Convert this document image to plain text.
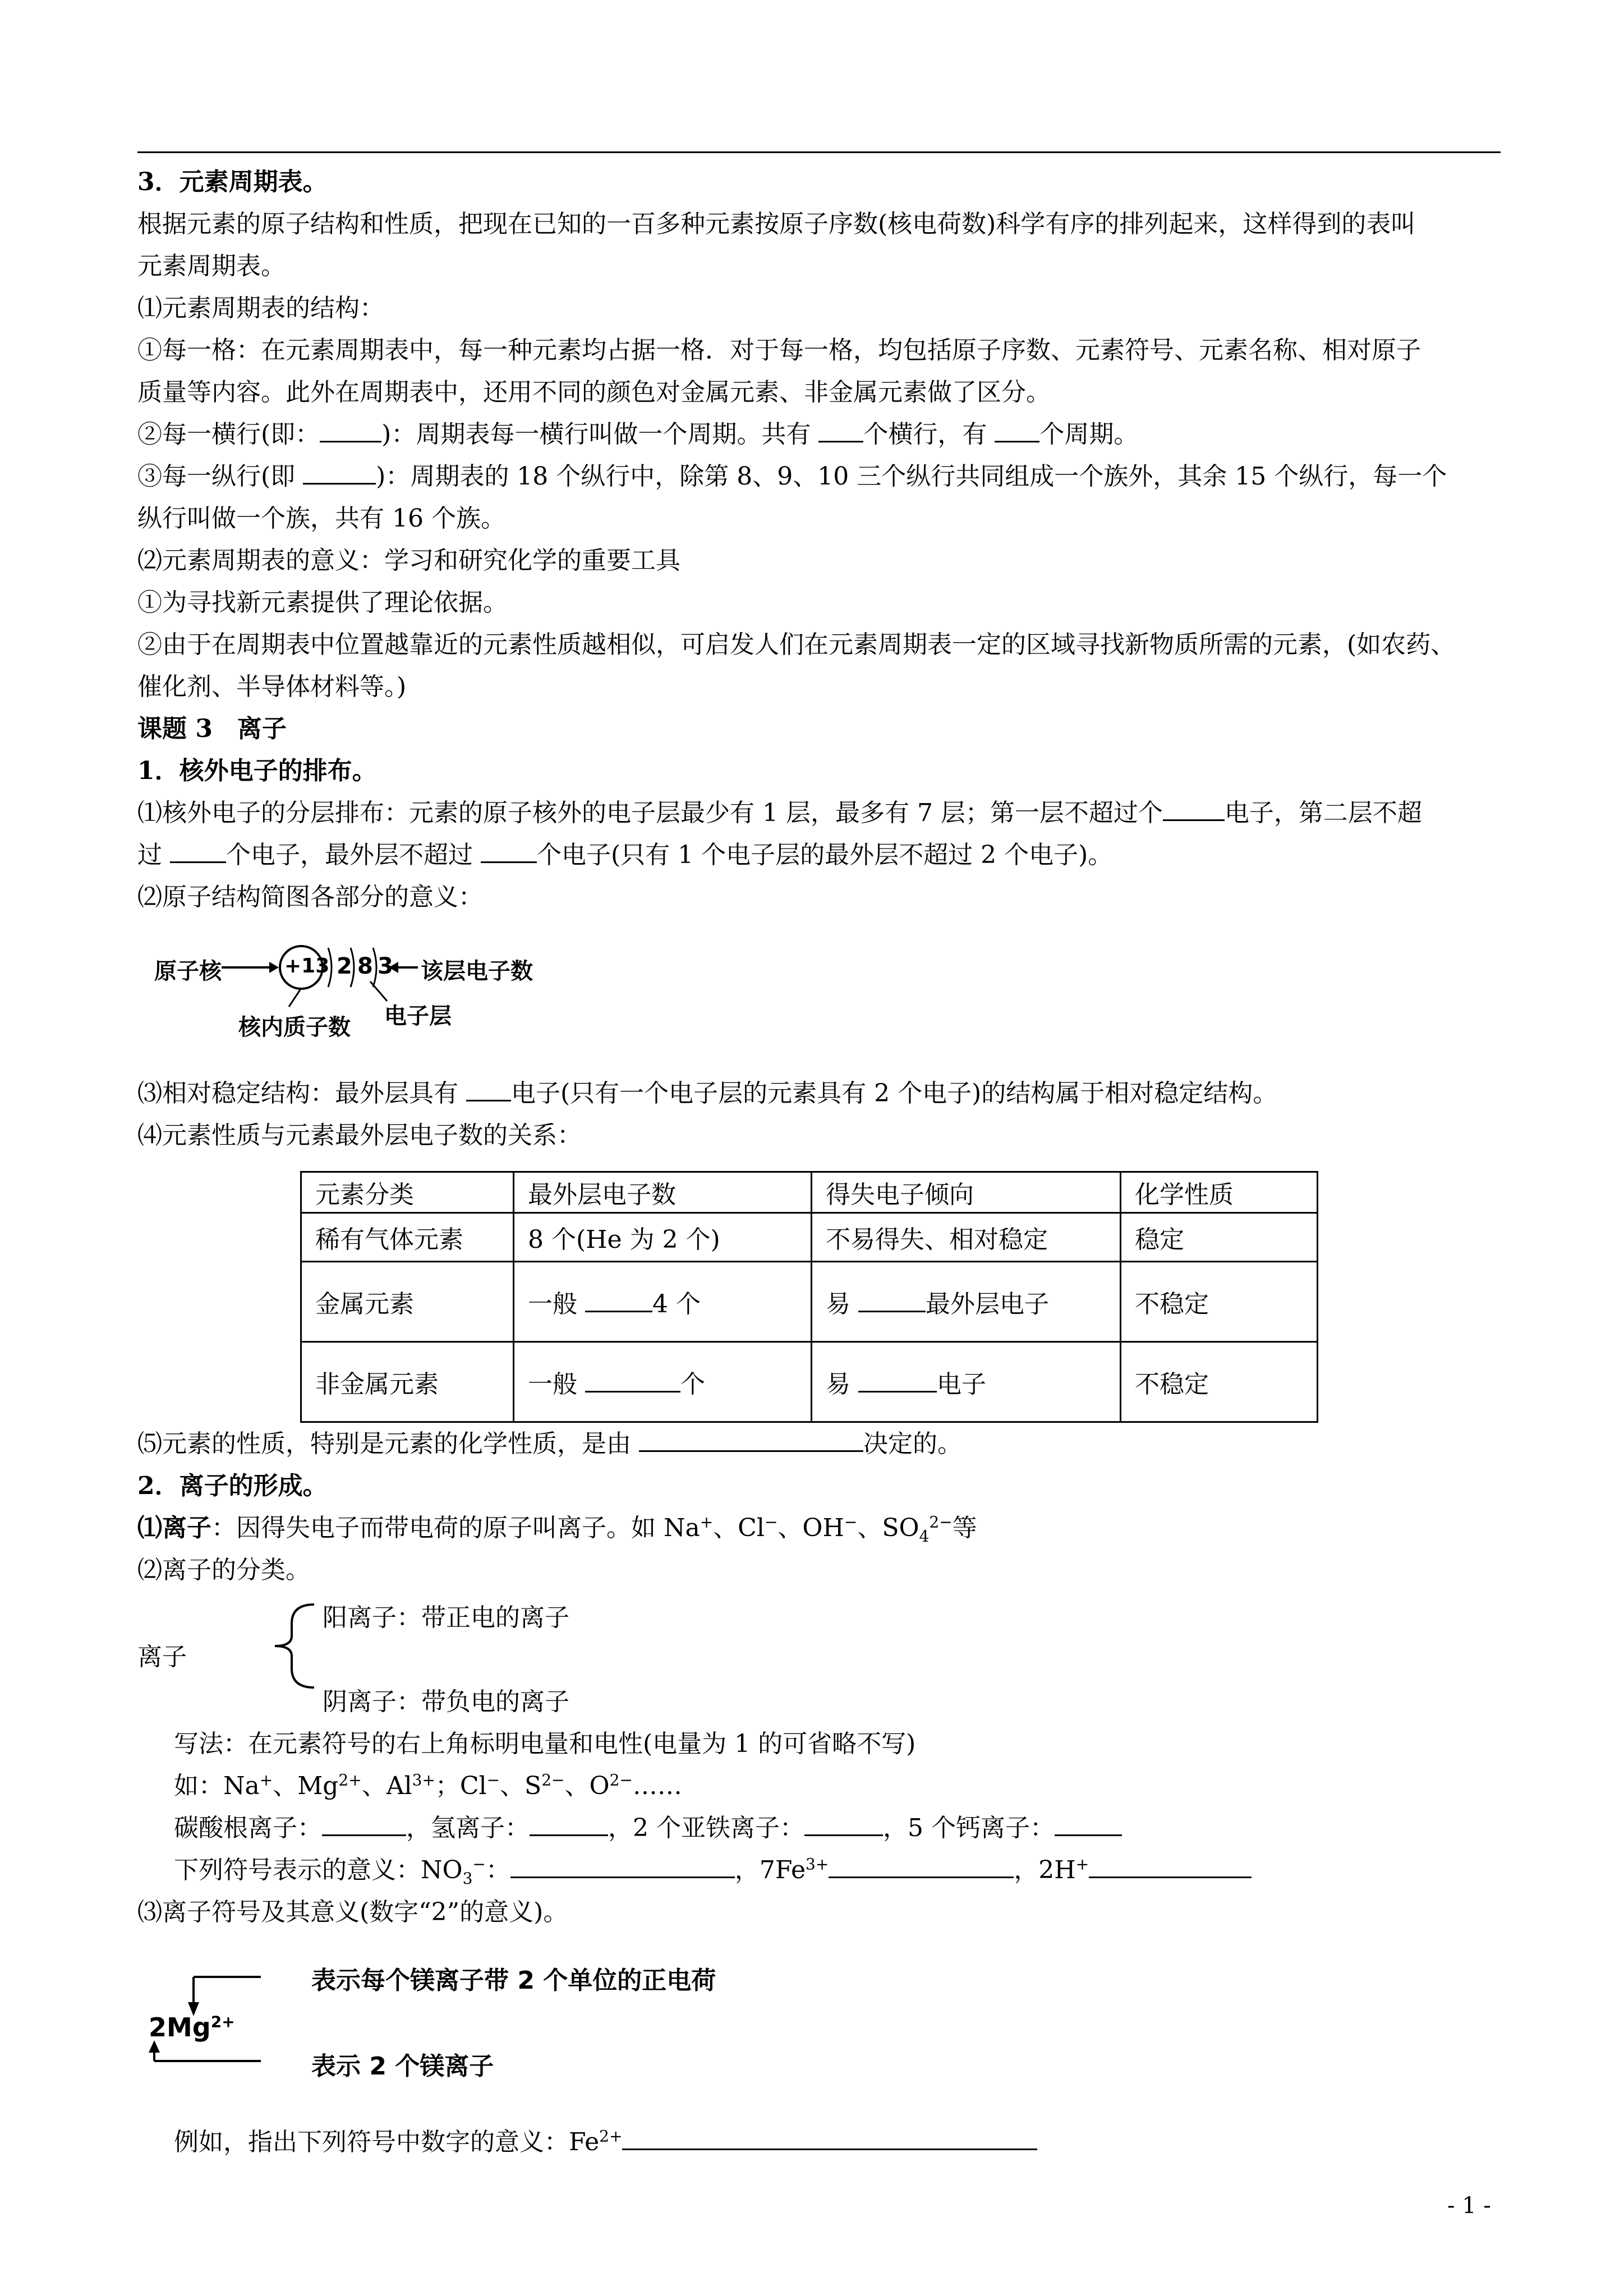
3．元素周期表。
根据元素的原子结构和性质，把现在已知的一百多种元素按原子序数(核电荷数)科学有序的排列起来，这样得到的表叫
元素周期表。
⑴元素周期表的结构：
①每一格：在元素周期表中，每一种元素均占据一格．对于每一格，均包括原子序数、元素符号、元素名称、相对原子
质量等内容。此外在周期表中，还用不同的颜色对金属元素、非金属元素做了区分。
②每一横行(即：	)：周期表每一横行叫做一个周期。共有 个横行，有 个周期。
③每一纵行(即	)：周期表的 18 个纵行中，除第 8、9、10 三个纵行共同组成一个族外，其余 15 个纵行，每一个
纵行叫做一个族，共有 16 个族。
⑵元素周期表的意义：学习和研究化学的重要工具
①为寻找新元素提供了理论依据。
②由于在周期表中位置越靠近的元素性质越相似，可启发人们在元素周期表一定的区域寻找新物质所需的元素，(如农药、
催化剂、半导体材料等。)
课题 3　离子
1．核外电子的排布。
⑴核外电子的分层排布：元素的原子核外的电子层最少有 1 层，最多有 7 层；第一层不超过个	电子，第二层不超
过 个电子，最外层不超过 个电子(只有 1 个电子层的最外层不超过 2 个电子)。
⑵原子结构简图各部分的意义：
原子核	+13 2 8 3 该层电子数
电子层
核内质子数
⑶相对稳定结构：最外层具有 电子(只有一个电子层的元素具有 2 个电子)的结构属于相对稳定结构。
⑷元素性质与元素最外层电子数的关系：
元素分类	最外层电子数	得失电子倾向	化学性质
稀有气体元素	8 个(He 为 2 个)	不易得失、相对稳定	稳定
金属元素	一般 4 个	易 最外层电子	不稳定
非金属元素	一般 个	易 电子	不稳定
⑸元素的性质，特别是元素的化学性质，是由	决定的。
2．离子的形成。
⑴离子：因得失电子而带电荷的原子叫离子。如 Na+、Cl−、OH−、$SO_4^{2-}$等
⑵离子的分类。
阳离子：带正电的离子
离子
阴离子：带负电的离子
写法：在元素符号的右上角标明电量和电性(电量为 1 的可省略不写)
如：Na+、$Mg^{2+}$、$Al^{3+}$；Cl−、$S^{2-}$、$O^{2-}\dots\dots$
碳酸根离子：	，氢离子：	，2 个亚铁离子：	，5 个钙离子：
下列符号表示的意义：$NO_3^-$：	，$7Fe^{3+}$	，2H+
⑶离子符号及其意义(数字“2”的意义)。
$2Mg^{2+}$
表示每个镁离子带 2 个单位的正电荷
表示 2 个镁离子
例如，指出下列符号中数字的意义：$Fe^{2+}$
- 1 -
